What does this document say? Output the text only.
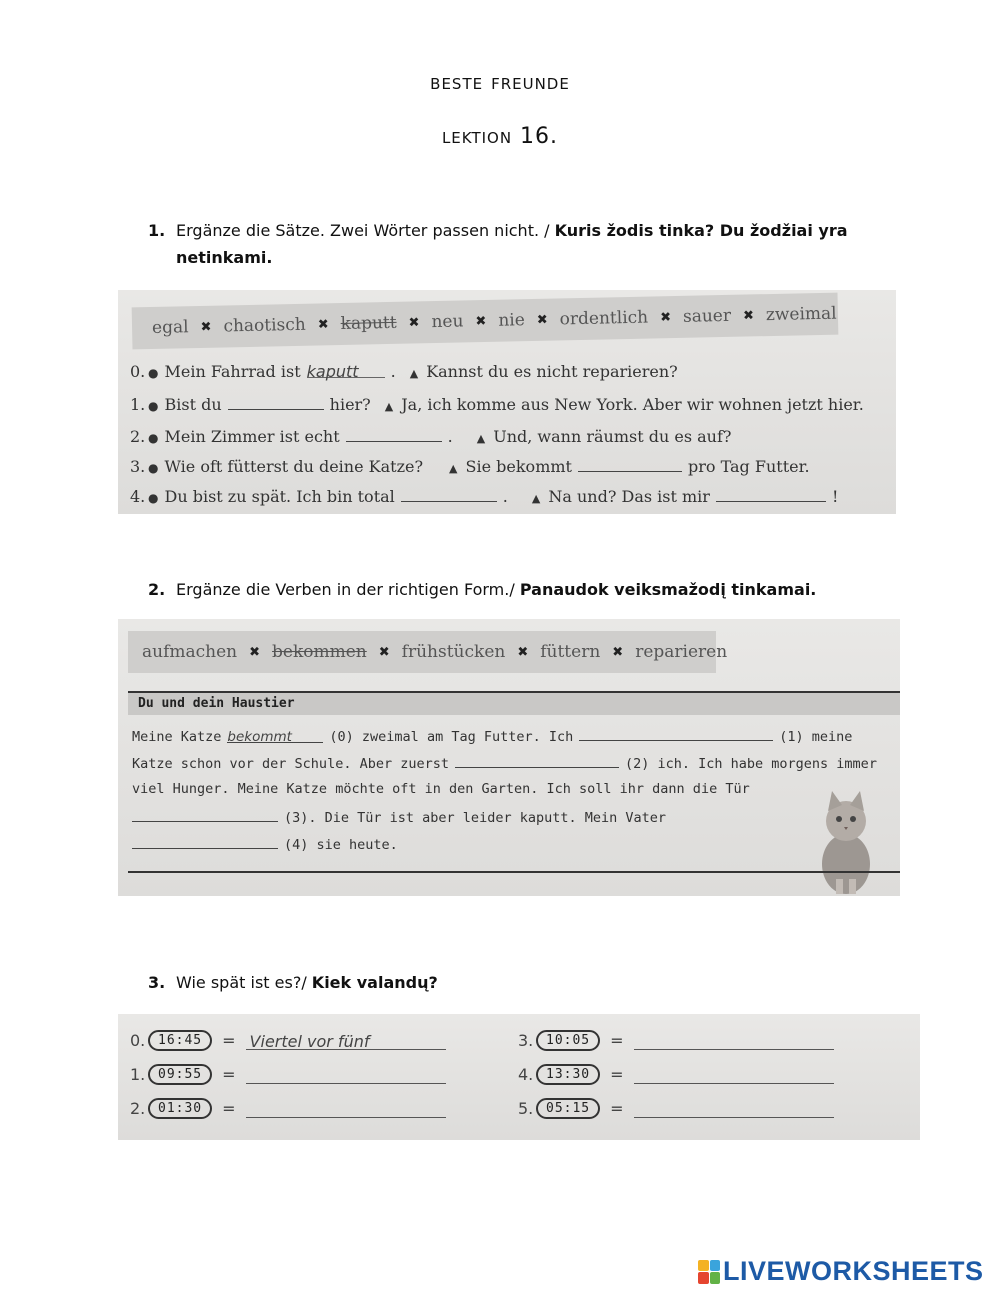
beste freunde
lektion 16.
1. Ergänze die Sätze. Zwei Wörter passen nicht. / Kuris žodis tinka? Du žodžiai yra
netinkami.
egal ✖ chaotisch ✖ kaputt ✖ neu ✖ nie ✖ ordentlich ✖ sauer ✖ zweimal
0. ● Mein Fahrrad ist kaputt	. ▲ Kannst du es nicht reparieren?
1. ● Bist du	hier? ▲ Ja, ich komme aus New York. Aber wir wohnen jetzt hier.
2. ● Mein Zimmer ist echt	. ▲ Und, wann räumst du es auf?
3. ● Wie oft fütterst du deine Katze? ▲ Sie bekommt	pro Tag Futter.
4. ● Du bist zu spät. Ich bin total	. ▲ Na und? Das ist mir	!
2. Ergänze die Verben in der richtigen Form./ Panaudok veiksmažodį tinkamai.
aufmachen ✖ bekommen ✖ frühstücken ✖ füttern ✖ reparieren
Du und dein Haustier
Meine Katze bekommt	(0) zweimal am Tag Futter. Ich	(1) meine
Katze schon vor der Schule. Aber zuerst	(2) ich. Ich habe morgens immer
viel Hunger. Meine Katze möchte oft in den Garten. Ich soll ihr dann die Tür
(3). Die Tür ist aber leider kaputt. Mein Vater
(4) sie heute.
3. Wie spät ist es?/ Kiek valandų?
0. 16:45	= Viertel vor fünf
1. 09:55	=
2. 01:30	=
3. 10:05	=
4. 13:30	=
5. 05:15	=
LIVEWORKSHEETS
